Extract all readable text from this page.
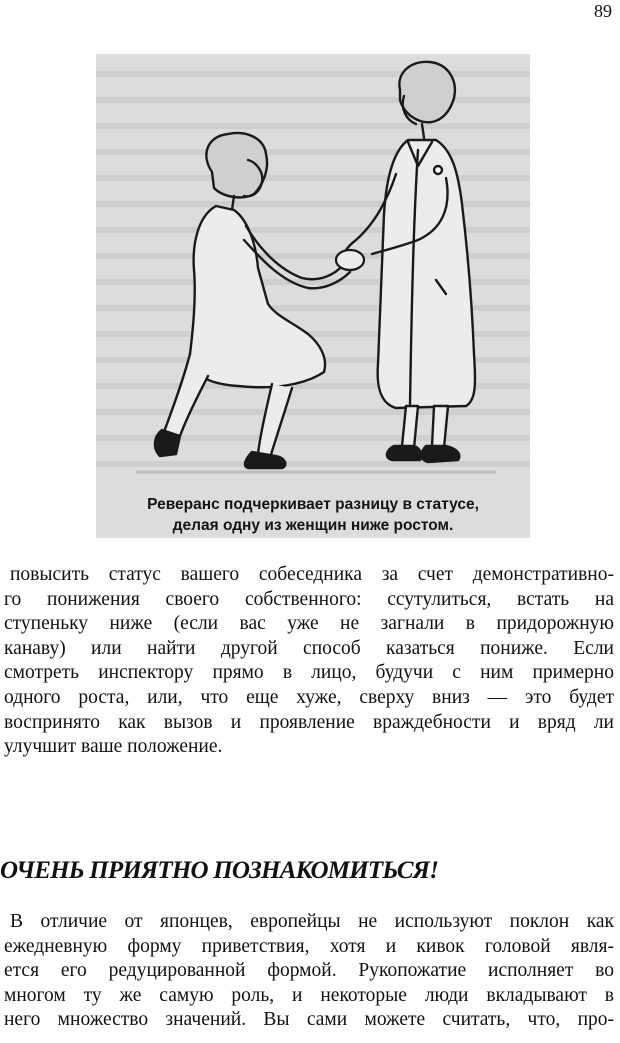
89
Реверанс подчеркивает разницу в статусе,
делая одну из женщин ниже ростом.
повысить статус вашего собеседника за счет демонстративно-
го понижения своего собственного: ссутулиться, встать на
ступеньку ниже (если вас уже не загнали в придорожную
канаву) или найти другой способ казаться пониже. Если
смотреть инспектору прямо в лицо, будучи с ним примерно
одного роста, или, что еще хуже, сверху вниз — это будет
воспринято как вызов и проявление враждебности и вряд ли
улучшит ваше положение.
ОЧЕНЬ ПРИЯТНО ПОЗНАКОМИТЬСЯ!
В отличие от японцев, европейцы не используют поклон как
ежедневную форму приветствия, хотя и кивок головой явля-
ется его редуцированной формой. Рукопожатие исполняет во
многом ту же самую роль, и некоторые люди вкладывают в
него множество значений. Вы сами можете считать, что, про-
